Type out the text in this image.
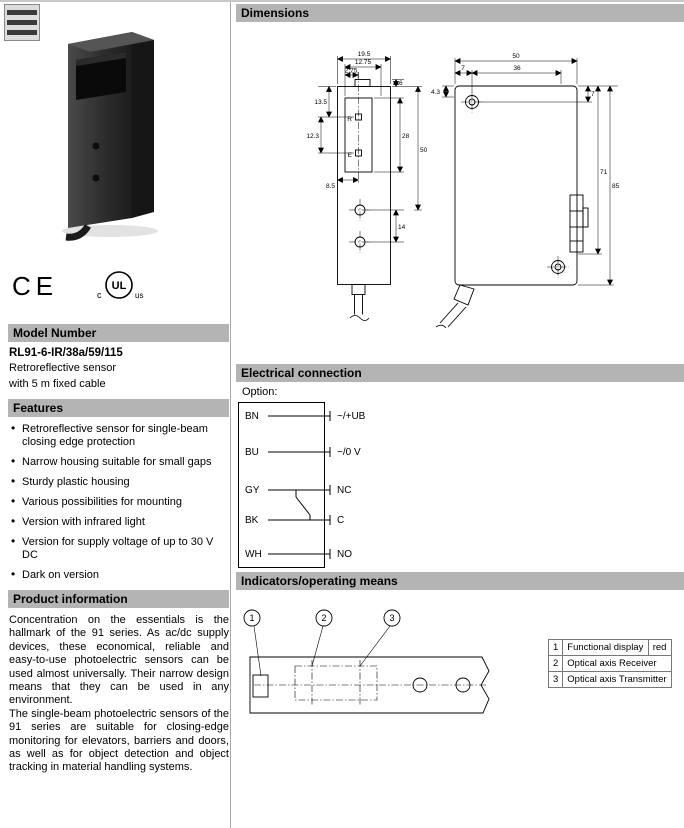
CE	c
UL
us
Model Number
RL91-6-IR/38a/59/115
Retroreflective sensor
with 5 m fixed cable
Features
• Retroreflective sensor for single-beam closing edge protection
• Narrow housing suitable for small gaps
• Sturdy plastic housing
• Various possibilities for mounting
• Version with infrared light
• Version for supply voltage of up to 30 V DC
• Dark on version
Product information

Concentration on the essentials is the hallmark of the 91 series. As ac/dc supply devices, these economical, reliable and easy-to-use photoelectric sensors can be used almost universally. Their narrow design means that they can be used in any environment.

The single-beam photoelectric sensors of the 91 series are suitable for closing-edge monitoring for elevators, barriers and doors, as well as for object detection and object tracking in material handling systems.

Dimensions
19.5
12.75
2.75
13.5
12.3
8.5
6
28
50
14
R
E
50
7	36
4.3	7
71
85
Electrical connection
Option:
BN
BU
GY
BK
WH
~/+UB
~/0 V
NC
C
NO
Indicators/operating means
1	2	3
1	Functional display	red
2	Optical axis Receiver	
3	Optical axis Transmitter	
